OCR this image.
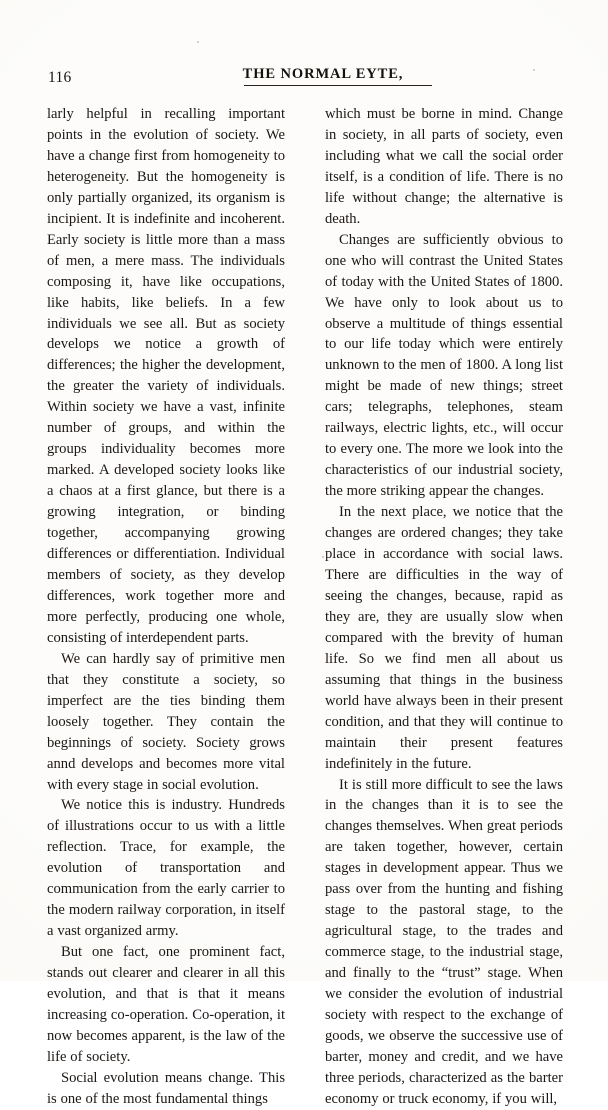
116	THE NORMAL EYTE,

larly helpful in recalling important points in the evolution of society. We have a change first from homogeneity to heterogeneity. But the homogeneity is only partially organized, its organism is incipient. It is indefinite and incoherent. Early society is little more than a mass of men, a mere mass. The individuals composing it, have like occupations, like habits, like beliefs. In a few individuals we see all. But as society develops we notice a growth of differences; the higher the development, the greater the variety of individuals. Within society we have a vast, infinite number of groups, and within the groups individuality becomes more marked. A developed society looks like a chaos at a first glance, but there is a growing integration, or binding together, accompanying growing differences or differentiation. Individual members of society, as they develop differences, work together more and more perfectly, producing one whole, consisting of interdependent parts.

We can hardly say of primitive men that they constitute a society, so imperfect are the ties binding them loosely together. They contain the beginnings of society. Society grows annd develops and becomes more vital with every stage in social evolution.

We notice this is industry. Hundreds of illustrations occur to us with a little reflection. Trace, for example, the evolution of transportation and communication from the early carrier to the modern railway corporation, in itself a vast organized army.

But one fact, one prominent fact, stands out clearer and clearer in all this evolution, and that is that it means increasing co-operation. Co-operation, it now becomes apparent, is the law of the life of society.

Social evolution means change. This is one of the most fundamental things

which must be borne in mind. Change in society, in all parts of society, even including what we call the social order itself, is a condition of life. There is no life without change; the alternative is death.

Changes are sufficiently obvious to one who will contrast the United States of today with the United States of 1800. We have only to look about us to observe a multitude of things essential to our life today which were entirely unknown to the men of 1800. A long list might be made of new things; street cars; telegraphs, telephones, steam railways, electric lights, etc., will occur to every one. The more we look into the characteristics of our industrial society, the more striking appear the changes.

In the next place, we notice that the changes are ordered changes; they take place in accordance with social laws. There are difficulties in the way of seeing the changes, because, rapid as they are, they are usually slow when compared with the brevity of human life. So we find men all about us assuming that things in the business world have always been in their present condition, and that they will continue to maintain their present features indefinitely in the future.

It is still more difficult to see the laws in the changes than it is to see the changes themselves. When great periods are taken together, however, certain stages in development appear. Thus we pass over from the hunting and fishing stage to the pastoral stage, to the agricultural stage, to the trades and commerce stage, to the industrial stage, and finally to the “trust” stage. When we consider the evolution of industrial society with respect to the exchange of goods, we observe the successive use of barter, money and credit, and we have three periods, characterized as the barter economy or truck economy, if you will,
